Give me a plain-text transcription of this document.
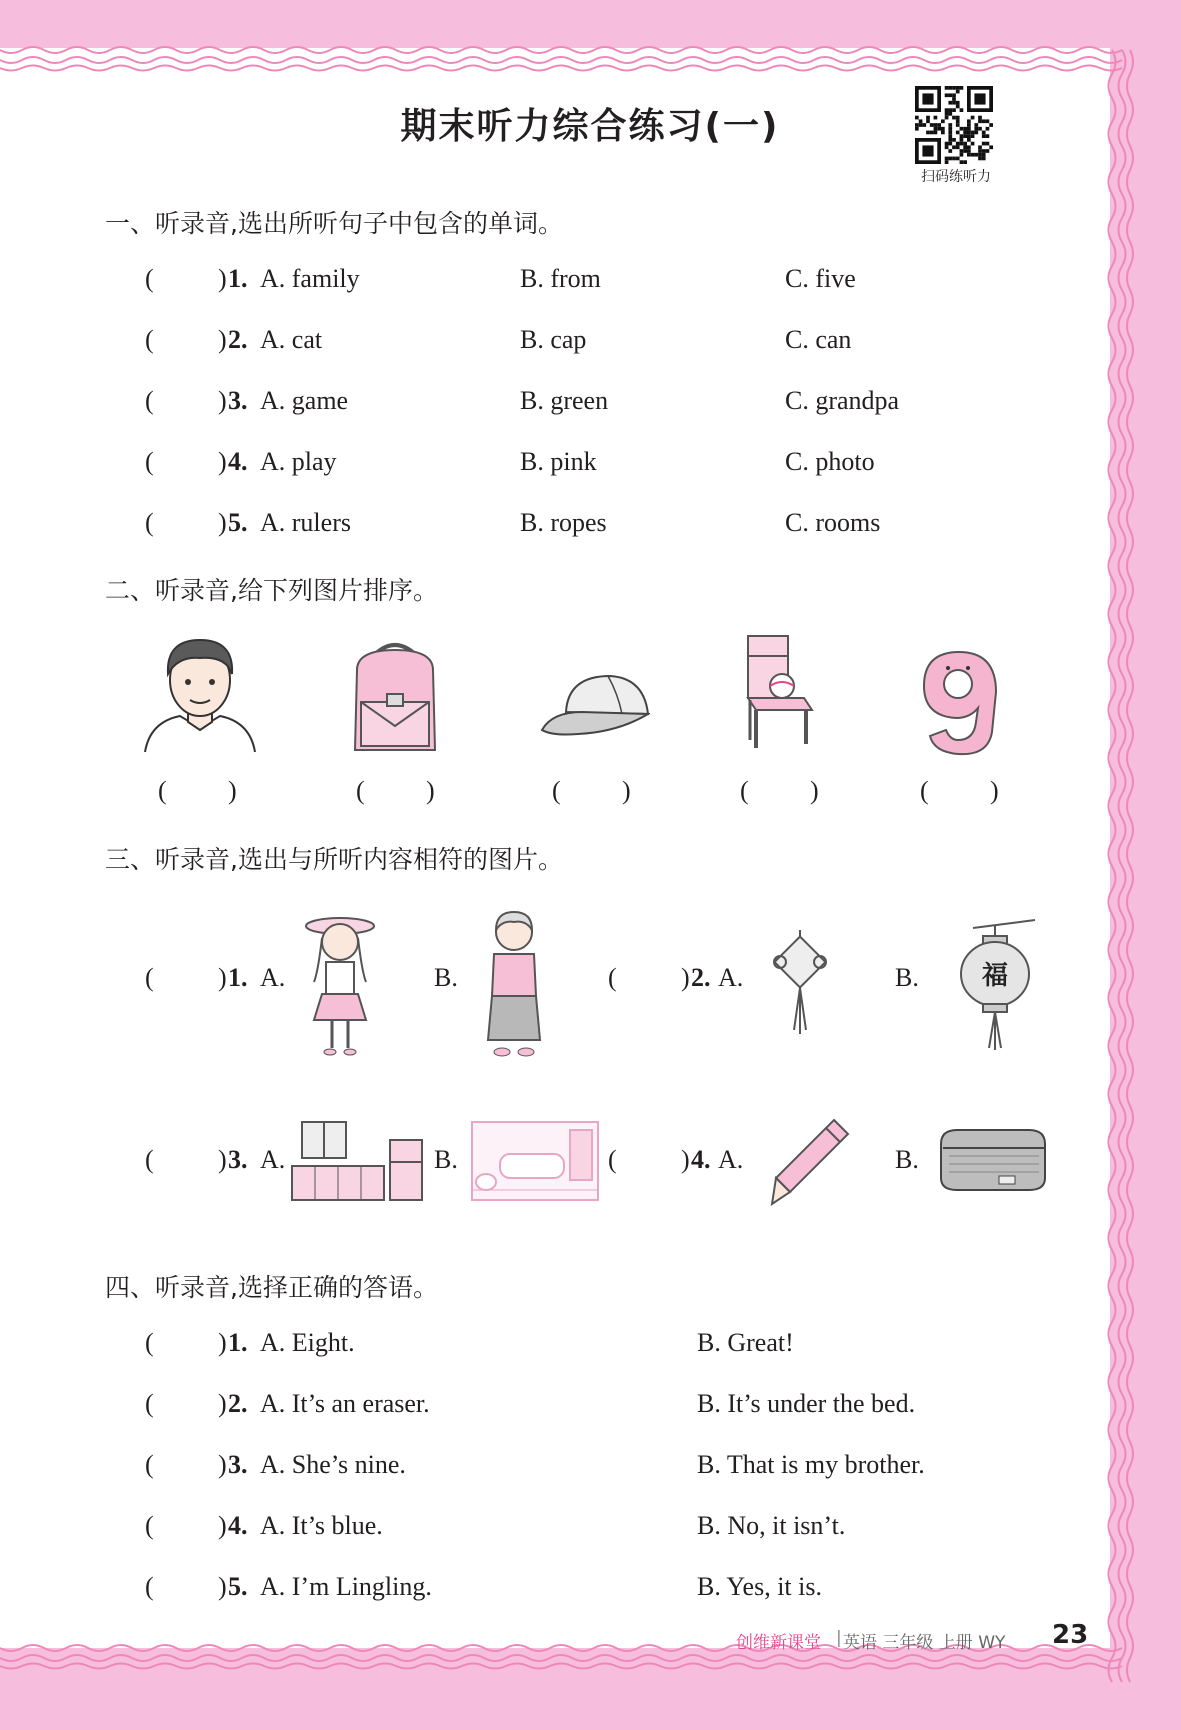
期末听力综合练习(一)
扫码练听力
一、听录音,选出所听句子中包含的单词。
( ) 1. A. family	B. from	C. five
( ) 2. A. cat	B. cap	C. can
( ) 3. A. game	B. green	C. grandpa
( ) 4. A. play	B. pink	C. photo
( ) 5. A. rulers	B. ropes	C. rooms
二、听录音,给下列图片排序。
( )	( )	( )	( )	( )
三、听录音,选出与所听内容相符的图片。
( ) 1. A.	B.	( ) 2. A.	B. 福
( ) 3. A.	B.	( ) 4. A.	B.
四、听录音,选择正确的答语。
( ) 1. A. Eight.	B. Great!
( ) 2. A. It’s an eraser.	B. It’s under the bed.
( ) 3. A. She’s nine.	B. That is my brother.
( ) 4. A. It’s blue.	B. No, it isn’t.
( ) 5. A. I’m Lingling.	B. Yes, it is.
创维新课堂 | 英语 三年级 上册 WY 23
